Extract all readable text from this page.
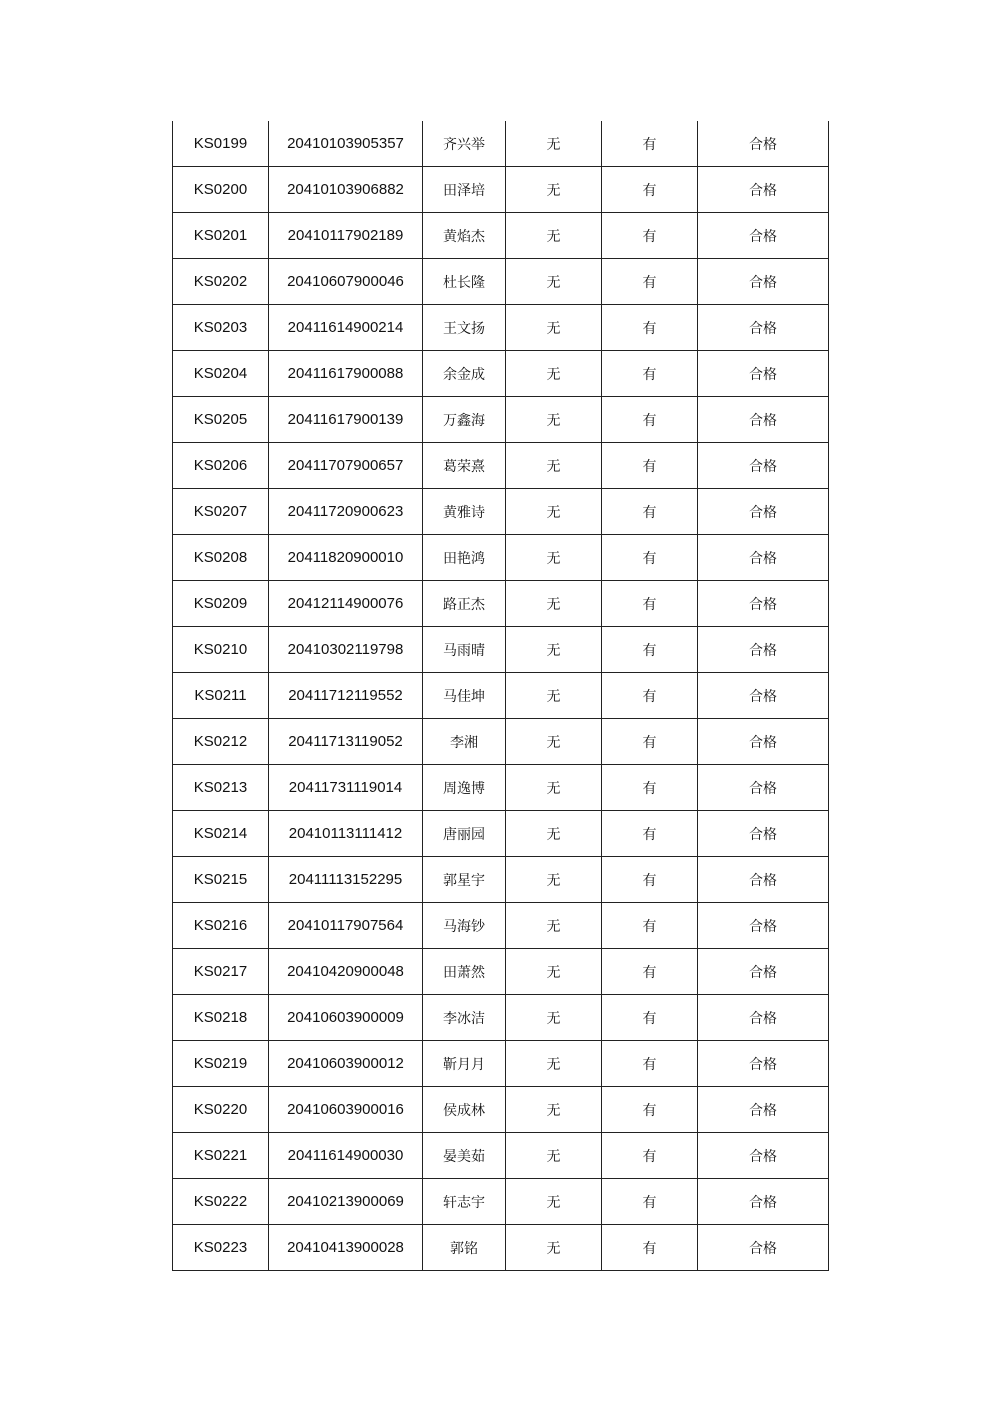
KS0199	20410103905357	齐兴举	无	有	合格
KS0200	20410103906882	田泽培	无	有	合格
KS0201	20410117902189	黄焰杰	无	有	合格
KS0202	20410607900046	杜长隆	无	有	合格
KS0203	20411614900214	王文扬	无	有	合格
KS0204	20411617900088	余金成	无	有	合格
KS0205	20411617900139	万鑫海	无	有	合格
KS0206	20411707900657	葛荣熹	无	有	合格
KS0207	20411720900623	黄雅诗	无	有	合格
KS0208	20411820900010	田艳鸿	无	有	合格
KS0209	20412114900076	路正杰	无	有	合格
KS0210	20410302119798	马雨晴	无	有	合格
KS0211	20411712119552	马佳坤	无	有	合格
KS0212	20411713119052	李湘	无	有	合格
KS0213	20411731119014	周逸博	无	有	合格
KS0214	20410113111412	唐丽园	无	有	合格
KS0215	20411113152295	郭星宇	无	有	合格
KS0216	20410117907564	马海钞	无	有	合格
KS0217	20410420900048	田萧然	无	有	合格
KS0218	20410603900009	李冰洁	无	有	合格
KS0219	20410603900012	靳月月	无	有	合格
KS0220	20410603900016	侯成林	无	有	合格
KS0221	20411614900030	晏美茹	无	有	合格
KS0222	20410213900069	轩志宇	无	有	合格
KS0223	20410413900028	郭铭	无	有	合格
